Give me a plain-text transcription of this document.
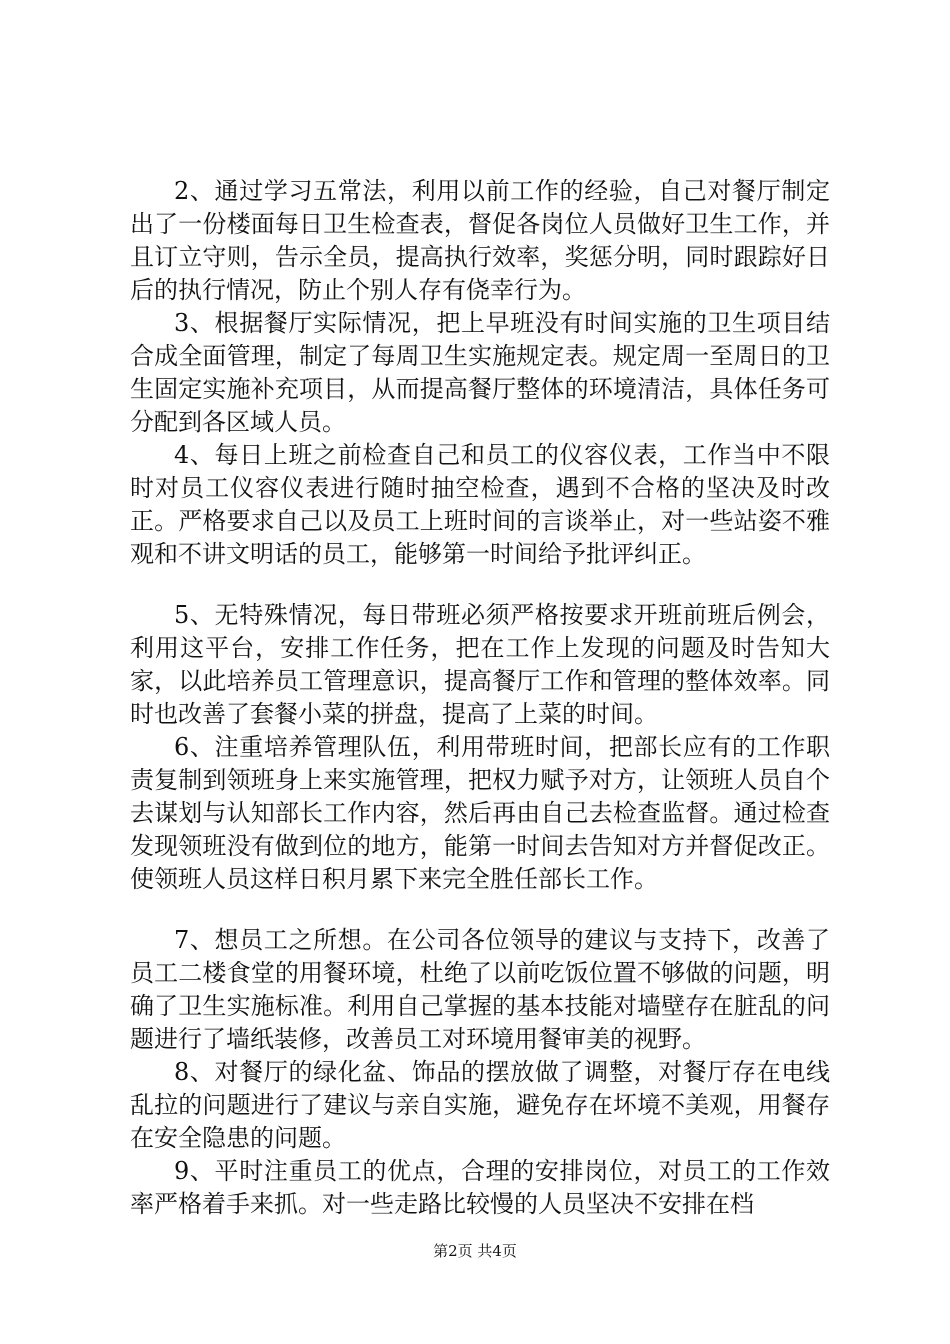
2、通过学习五常法，利用以前工作的经验，自己对餐厅制定出了一份楼面每日卫生检查表，督促各岗位人员做好卫生工作，并且订立守则，告示全员，提高执行效率，奖惩分明，同时跟踪好日后的执行情况，防止个别人存有侥幸行为。

3、根据餐厅实际情况，把上早班没有时间实施的卫生项目结合成全面管理，制定了每周卫生实施规定表。规定周一至周日的卫生固定实施补充项目，从而提高餐厅整体的环境清洁，具体任务可分配到各区域人员。

4、每日上班之前检查自己和员工的仪容仪表，工作当中不限时对员工仪容仪表进行随时抽空检查，遇到不合格的坚决及时改正。严格要求自己以及员工上班时间的言谈举止，对一些站姿不雅观和不讲文明话的员工，能够第一时间给予批评纠正。

5、无特殊情况，每日带班必须严格按要求开班前班后例会，利用这平台，安排工作任务，把在工作上发现的问题及时告知大家，以此培养员工管理意识，提高餐厅工作和管理的整体效率。同时也改善了套餐小菜的拼盘，提高了上菜的时间。

6、注重培养管理队伍，利用带班时间，把部长应有的工作职责复制到领班身上来实施管理，把权力赋予对方，让领班人员自个去谋划与认知部长工作内容，然后再由自己去检查监督。通过检查发现领班没有做到位的地方，能第一时间去告知对方并督促改正。使领班人员这样日积月累下来完全胜任部长工作。

7、想员工之所想。在公司各位领导的建议与支持下，改善了员工二楼食堂的用餐环境，杜绝了以前吃饭位置不够做的问题，明确了卫生实施标准。利用自己掌握的基本技能对墙壁存在脏乱的问题进行了墙纸装修，改善员工对环境用餐审美的视野。

8、对餐厅的绿化盆、饰品的摆放做了调整，对餐厅存在电线乱拉的问题进行了建议与亲自实施，避免存在坏境不美观，用餐存在安全隐患的问题。

9、平时注重员工的优点，合理的安排岗位，对员工的工作效率严格着手来抓。对一些走路比较慢的人员坚决不安排在档

第2页 共4页
